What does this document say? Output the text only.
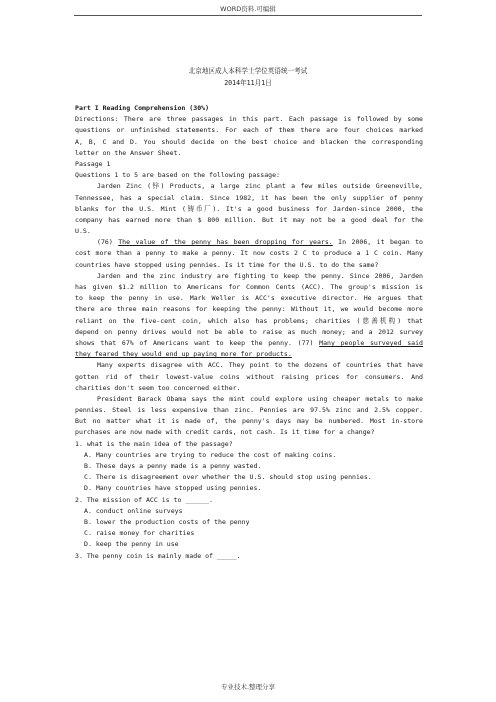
WORD资料.可编辑
北京地区成人本科学士学位英语统一考试
2014年11月1日
Part I Reading Comprehension (30%)
Directions: There are three passages in this part. Each passage is followed by some
questions or unfinished statements. For each of them there are four choices marked
A, B, C and D. You should decide on the best choice and blacken the corresponding
letter on the Answer Sheet.
Passage 1
Questions 1 to 5 are based on the following passage:
Jarden Zinc (锌) Products, a large zinc plant a few miles outside Greeneville,
Tennessee, has a special claim. Since 1982, it has been the only supplier of penny
blanks for the U.S. Mint (铸币厂). It's a good business for Jarden-since 2000, the
company has earned more than $ 800 million. But it may not be a good deal for the
U.S.
(76) The value of the penny has been dropping for years. In 2006, it began to
cost more than a penny to make a penny. It now costs 2 C to produce a 1 C coin. Many
countries have stopped using pennies. Is it time for the U.S. to do the same?
Jarden and the zinc industry are fighting to keep the penny. Since 2006, Jarden
has given $1.2 million to Americans for Common Cents (ACC). The group's mission is
to keep the penny in use. Mark Weller is ACC's executive director. He argues that
there are three main reasons for keeping the penny: Without it, we would become more
reliant on the five-cent coin, which also has problems; charities (慈善机构) that
depend on penny drives would not be able to raise as much money; and a 2012 survey
shows that 67% of Americans want to keep the penny. (77) Many people surveyed said
they feared they would end up paying more for products.
Many experts disagree with ACC. They point to the dozens of countries that have
gotten rid of their lowest-value coins without raising prices for consumers. And
charities don't seem too concerned either.
President Barack Obama says the mint could explore using cheaper metals to make
pennies. Steel is less expensive than zinc. Pennies are 97.5% zinc and 2.5% copper.
But no matter what it is made of, the penny's days may be numbered. Most in-store
purchases are now made with credit cards, not cash. Is it time for a change?
1. what is the main idea of the passage?
A. Many countries are trying to reduce the cost of making coins.
B. These days a penny made is a penny wasted.
C. There is disagreement over whether the U.S. should stop using pennies.
D. Many countries have stopped using pennies.
2. The mission of ACC is to ______.
A. conduct online surveys
B. lower the production costs of the penny
C. raise money for charities
D. keep the penny in use
3. The penny coin is mainly made of _____.
专业技术.整理分享
